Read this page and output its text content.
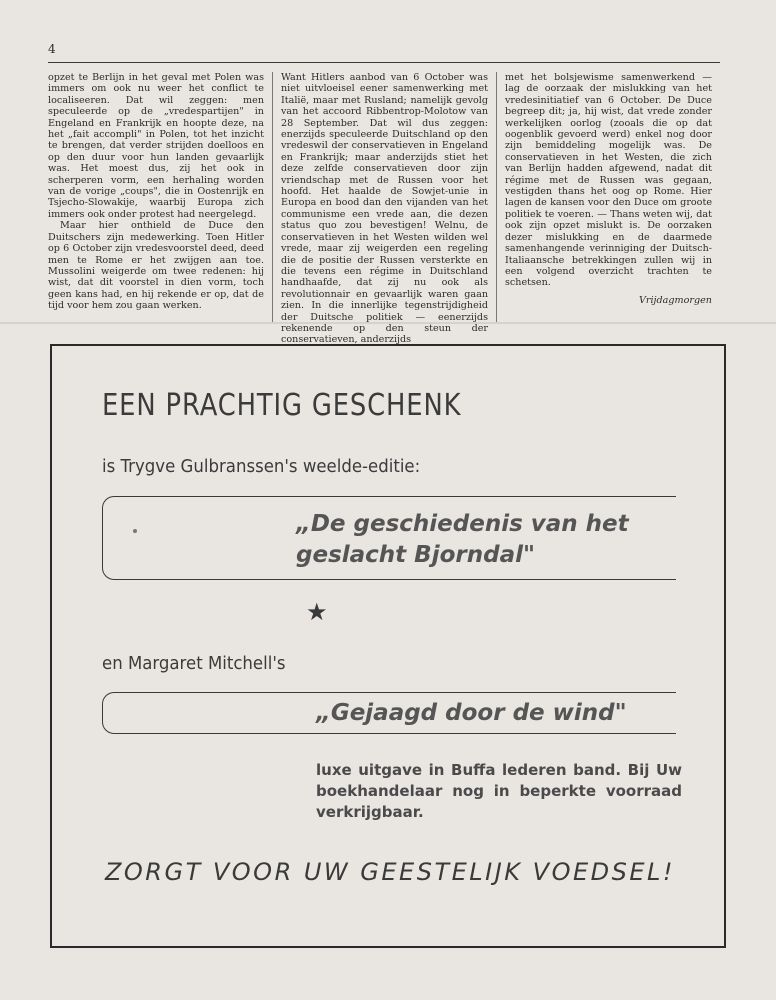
4

opzet te Berlijn in het geval met Polen was immers om ook nu weer het conflict te localiseeren. Dat wil zeggen: men speculeerde op de „vredespartijen" in Engeland en Frankrijk en hoopte deze, na het „fait accompli" in Polen, tot het inzicht te brengen, dat verder strijden doelloos en op den duur voor hun landen gevaarlijk was. Het moest dus, zij het ook in scherperen vorm, een herhaling worden van de vorige „coups", die in Oostenrijk en Tsjecho-Slowakije, waarbij Europa zich immers ook onder protest had neergelegd.

Maar hier onthield de Duce den Duitschers zijn medewerking. Toen Hitler op 6 October zijn vredesvoorstel deed, deed men te Rome er het zwijgen aan toe. Mussolini weigerde om twee redenen: hij wist, dat dit voorstel in dien vorm, toch geen kans had, en hij rekende er op, dat de tijd voor hem zou gaan werken.

Want Hitlers aanbod van 6 October was niet uitvloeisel eener samenwerking met Italië, maar met Rusland; namelijk gevolg van het accoord Ribbentrop-Molotow van 28 September. Dat wil dus zeggen: enerzijds speculeerde Duitschland op den vredeswil der conservatieven in Engeland en Frankrijk; maar anderzijds stiet het deze zelfde conservatieven door zijn vriendschap met de Russen voor het hoofd. Het haalde de Sowjet-unie in Europa en bood dan den vijanden van het communisme een vrede aan, die dezen status quo zou bevestigen! Welnu, de conservatieven in het Westen wilden wel vrede, maar zij weigerden een regeling die de positie der Russen versterkte en die tevens een régime in Duitschland handhaafde, dat zij nu ook als revolutionnair en gevaarlijk waren gaan zien. In die innerlijke tegenstrijdigheid der Duitsche politiek — eenerzijds rekenende op den steun der conservatieven, anderzijds

met het bolsjewisme samenwerkend — lag de oorzaak der mislukking van het vredesinitiatief van 6 October. De Duce begreep dit; ja, hij wist, dat vrede zonder werkelijken oorlog (zooals die op dat oogenblik gevoerd werd) enkel nog door zijn bemiddeling mogelijk was. De conservatieven in het Westen, die zich van Berlijn hadden afgewend, nadat dit régime met de Russen was gegaan, vestigden thans het oog op Rome. Hier lagen de kansen voor den Duce om groote politiek te voeren. — Thans weten wij, dat ook zijn opzet mislukt is. De oorzaken dezer mislukking en de daarmede samenhangende verinniging der Duitsch-Italiaansche betrekkingen zullen wij in een volgend overzicht trachten te schetsen.

Vrijdagmorgen
EEN PRACHTIG GESCHENK
is Trygve Gulbranssen's weelde-editie:
„De geschiedenis van het
geslacht Bjorndal"
★
en Margaret Mitchell's
„Gejaagd door de wind"
luxe uitgave in Buffa lederen band. Bij Uw boekhandelaar nog in beperkte voorraad verkrijgbaar.
ZORGT VOOR UW GEESTELIJK VOEDSEL!
